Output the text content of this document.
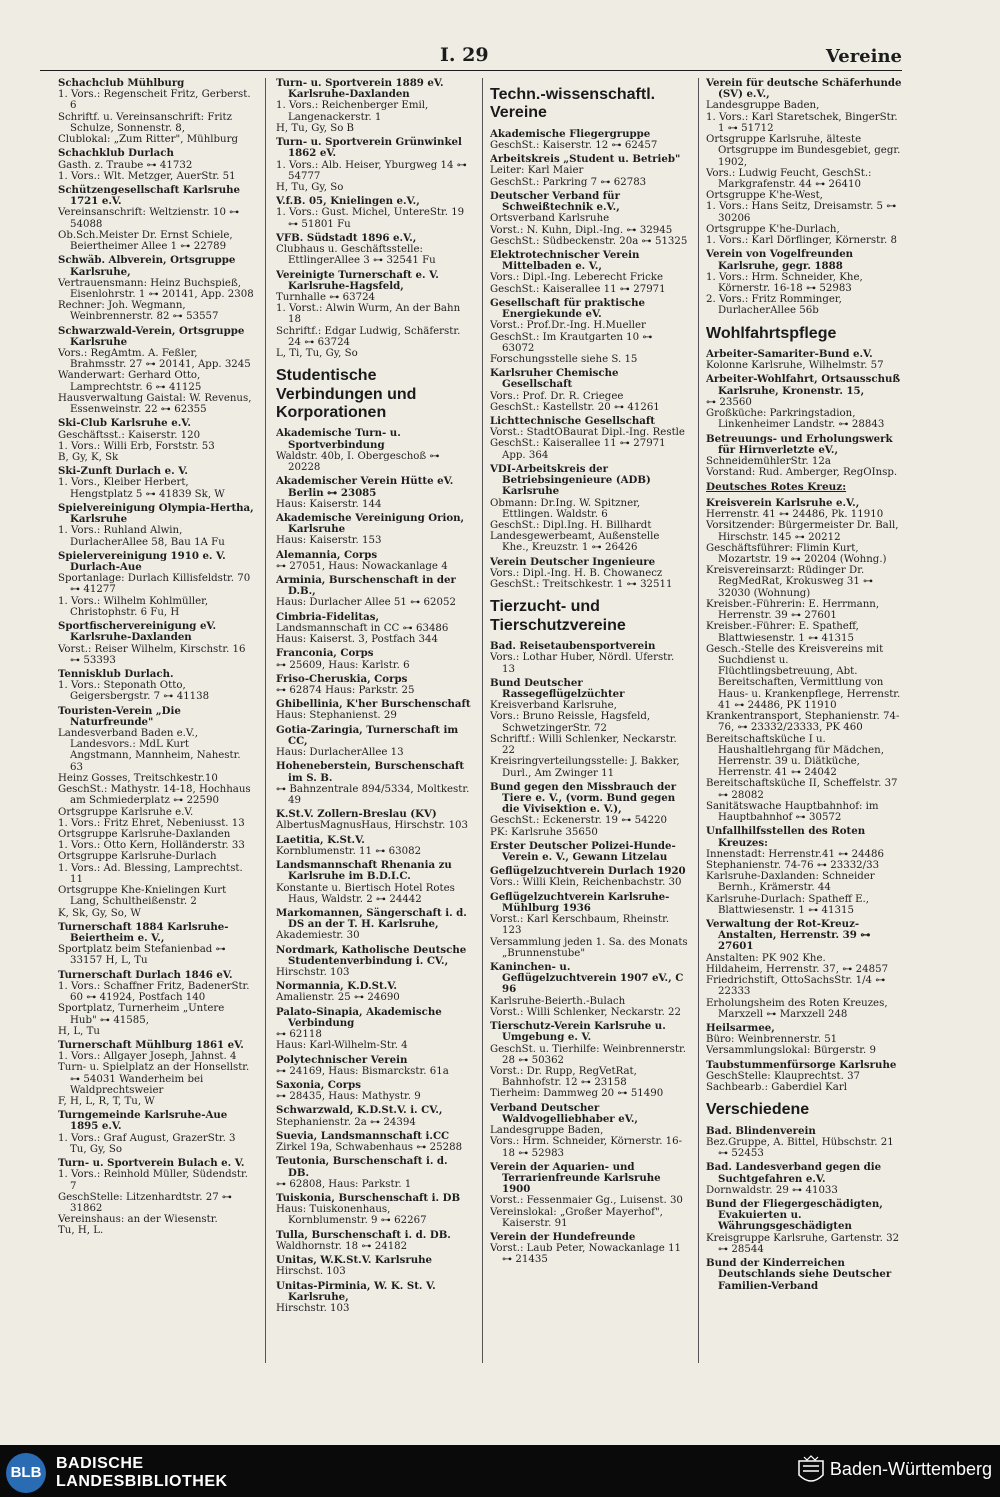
I. 29	Vereine

Schachclub Mühlburg

1. Vors.: Regenscheit Fritz, Gerberst. 6

Schriftf. u. Vereinsanschrift: Fritz Schulze, Sonnenstr. 8,

Clublokal: „Zum Ritter", Mühlburg

Schachklub Durlach

Gasth. z. Traube ⊶ 41732

1. Vors.: Wlt. Metzger, AuerStr. 51

Schützengesellschaft Karlsruhe 1721 e.V.

Vereinsanschrift: Weltzienstr. 10 ⊶ 54088

Ob.Sch.Meister Dr. Ernst Schiele, Beiertheimer Allee 1 ⊶ 22789

Schwäb. Albverein, Ortsgruppe Karlsruhe,

Vertrauensmann: Heinz Buchspieß, Eisenlohrstr. 1 ⊶ 20141, App. 2308

Rechner: Joh. Wegmann, Weinbrennerstr. 82 ⊶ 53557

Schwarzwald-Verein, Ortsgruppe Karlsruhe

Vors.: RegAmtm. A. Feßler, Brahmsstr. 27 ⊶ 20141, App. 3245

Wanderwart: Gerhard Otto, Lamprechtstr. 6 ⊶ 41125

Hausverwaltung Gaistal: W. Revenus, Essenweinstr. 22 ⊶ 62355

Ski-Club Karlsruhe e.V.

Geschäftsst.: Kaiserstr. 120

1. Vors.: Willi Erb, Forststr. 53

B, Gy, K, Sk

Ski-Zunft Durlach e. V.

1. Vors., Kleiber Herbert, Hengstplatz 5 ⊶ 41839 Sk, W

Spielvereinigung Olympia-Hertha, Karlsruhe

1. Vors.: Ruhland Alwin, DurlacherAllee 58, Bau 1A Fu

Spielervereinigung 1910 e. V. Durlach-Aue

Sportanlage: Durlach Killisfeldstr. 70 ⊶ 41277

1. Vors.: Wilhelm Kohlmüller, Christophstr. 6 Fu, H

Sportfischervereinigung eV. Karlsruhe-Daxlanden

Vorst.: Reiser Wilhelm, Kirschstr. 16 ⊶ 53393

Tennisklub Durlach.

1. Vors.: Steponath Otto, Geigersbergstr. 7 ⊶ 41138

Touristen-Verein „Die Naturfreunde"

Landesverband Baden e.V., Landesvors.: MdL Kurt Angstmann, Mannheim, Nahestr. 63

Heinz Gosses, Treitschkestr.10

GeschSt.: Mathystr. 14-18, Hochhaus am Schmiederplatz ⊶ 22590

Ortsgruppe Karlsruhe e.V.

1. Vors.: Fritz Ehret, Nebeniusst. 13

Ortsgruppe Karlsruhe-Daxlanden

1. Vors.: Otto Kern, Holländerstr. 33

Ortsgruppe Karlsruhe-Durlach

1. Vors.: Ad. Blessing, Lamprechtst. 11

Ortsgruppe Khe-Knielingen Kurt Lang, Schultheißenstr. 2

K, Sk, Gy, So, W

Turnerschaft 1884 Karlsruhe-Beiertheim e. V.,

Sportplatz beim Stefanienbad ⊶ 33157 H, L, Tu

Turnerschaft Durlach 1846 eV.

1. Vors.: Schaffner Fritz, BadenerStr. 60 ⊶ 41924, Postfach 140

Sportplatz, Turnerheim „Untere Hub" ⊶ 41585,

H, L, Tu

Turnerschaft Mühlburg 1861 eV.

1. Vors.: Allgayer Joseph, Jahnst. 4

Turn- u. Spielplatz an der Honsellstr. ⊶ 54031 Wanderheim bei Waldprechtsweier

F, H, L, R, T, Tu, W

Turngemeinde Karlsruhe-Aue 1895 e.V.

1. Vors.: Graf August, GrazerStr. 3 Tu, Gy, So

Turn- u. Sportverein Bulach e. V.

1. Vors.: Reinhold Müller, Südendstr. 7

GeschStelle: Litzenhardtstr. 27 ⊶ 31862

Vereinshaus: an der Wiesenstr.

Tu, H, L.

Turn- u. Sportverein 1889 eV. Karlsruhe-Daxlanden

1. Vors.: Reichenberger Emil, Langenackerstr. 1

H, Tu, Gy, So B

Turn- u. Sportverein Grünwinkel 1862 eV.

1. Vors.: Alb. Heiser, Yburgweg 14 ⊶ 54777

H, Tu, Gy, So

V.f.B. 05, Knielingen e.V.,

1. Vors.: Gust. Michel, UntereStr. 19 ⊶ 51801 Fu

VFB. Südstadt 1896 e.V.,

Clubhaus u. Geschäftsstelle: EttlingerAllee 3 ⊶ 32541 Fu

Vereinigte Turnerschaft e. V. Karlsruhe-Hagsfeld,

Turnhalle ⊶ 63724

1. Vorst.: Alwin Wurm, An der Bahn 18

Schriftf.: Edgar Ludwig, Schäferstr. 24 ⊶ 63724

L, Ti, Tu, Gy, So

Studentische Verbindungen und Korporationen

Akademische Turn- u. Sportverbindung

Waldstr. 40b, I. Obergeschoß ⊶ 20228

Akademischer Verein Hütte eV. Berlin ⊶ 23085

Haus: Kaiserstr. 144

Akademische Vereinigung Orion, Karlsruhe

Haus: Kaiserstr. 153

Alemannia, Corps

⊶ 27051, Haus: Nowackanlage 4

Arminia, Burschenschaft in der D.B.,

Haus: Durlacher Allee 51 ⊶ 62052

Cimbria-Fidelitas,

Landsmannschaft in CC ⊶ 63486

Haus: Kaiserst. 3, Postfach 344

Franconia, Corps

⊶ 25609, Haus: Karlstr. 6

Friso-Cheruskia, Corps

⊶ 62874 Haus: Parkstr. 25

Ghibellinia, K'her Burschenschaft

Haus: Stephanienst. 29

Gotia-Zaringia, Turnerschaft im CC,

Haus: DurlacherAllee 13

Hoheneberstein, Burschenschaft im S. B.

⊶ Bahnzentrale 894/5334, Moltkestr. 49

K.St.V. Zollern-Breslau (KV)

AlbertusMagnusHaus, Hirschstr. 103

Laetitia, K.St.V.

Kornblumenstr. 11 ⊶ 63082

Landsmannschaft Rhenania zu Karlsruhe im B.D.I.C.

Konstante u. Biertisch Hotel Rotes Haus, Waldstr. 2 ⊶ 24442

Markomannen, Sängerschaft i. d. DS an der T. H. Karlsruhe,

Akademiestr. 30

Nordmark, Katholische Deutsche Studentenverbindung i. CV.,

Hirschstr. 103

Normannia, K.D.St.V.

Amalienstr. 25 ⊶ 24690

Palato-Sinapia, Akademische Verbindung

⊶ 62118

Haus: Karl-Wilhelm-Str. 4

Polytechnischer Verein

⊶ 24169, Haus: Bismarckstr. 61a

Saxonia, Corps

⊶ 28435, Haus: Mathystr. 9

Schwarzwald, K.D.St.V. i. CV.,

Stephanienstr. 2a ⊶ 24394

Suevia, Landsmannschaft i.CC

Zirkel 19a, Schwabenhaus ⊶ 25288

Teutonia, Burschenschaft i. d. DB.

⊶ 62808, Haus: Parkstr. 1

Tuiskonia, Burschenschaft i. DB

Haus: Tuiskonenhaus, Kornblumenstr. 9 ⊶ 62267

Tulla, Burschenschaft i. d. DB.

Waldhornstr. 18 ⊶ 24182

Unitas, W.K.St.V. Karlsruhe

Hirschst. 103

Unitas-Pirminia, W. K. St. V. Karlsruhe,

Hirschstr. 103

Techn.-wissenschaftl. Vereine

Akademische Fliegergruppe

GeschSt.: Kaiserstr. 12 ⊶ 62457

Arbeitskreis „Student u. Betrieb"

Leiter: Karl Maier

GeschSt.: Parkring 7 ⊶ 62783

Deutscher Verband für Schweißtechnik e.V.,

Ortsverband Karlsruhe

Vorst.: N. Kuhn, Dipl.-Ing. ⊶ 32945

GeschSt.: Südbeckenstr. 20a ⊶ 51325

Elektrotechnischer Verein Mittelbaden e. V.,

Vors.: Dipl.-Ing. Leberecht Fricke

GeschSt.: Kaiserallee 11 ⊶ 27971

Gesellschaft für praktische Energiekunde eV.

Vorst.: Prof.Dr.-Ing. H.Mueller

GeschSt.: Im Krautgarten 10 ⊶ 63072

Forschungsstelle siehe S. 15

Karlsruher Chemische Gesellschaft

Vors.: Prof. Dr. R. Criegee

GeschSt.: Kastellstr. 20 ⊶ 41261

Lichttechnische Gesellschaft

Vorst.: StadtOBaurat Dipl.-Ing. Restle

GeschSt.: Kaiserallee 11 ⊶ 27971 App. 364

VDI-Arbeitskreis der Betriebsingenieure (ADB) Karlsruhe

Obmann: Dr.Ing. W. Spitzner, Ettlingen. Waldstr. 6

GeschSt.: Dipl.Ing. H. Billhardt

Landesgewerbeamt, Außenstelle Khe., Kreuzstr. 1 ⊶ 26426

Verein Deutscher Ingenieure

Vors.: Dipl.-Ing. H. B. Chowanecz

GeschSt.: Treitschkestr. 1 ⊶ 32511

Tierzucht- und Tierschutzvereine

Bad. Reisetaubensportverein

Vors.: Lothar Huber, Nördl. Uferstr. 13

Bund Deutscher Rassegeflügelzüchter

Kreisverband Karlsruhe,

Vors.: Bruno Reissle, Hagsfeld, SchwetzingerStr. 72

Schriftf.: Willi Schlenker, Neckarstr. 22

Kreisringverteilungsstelle: J. Bakker, Durl., Am Zwinger 11

Bund gegen den Missbrauch der Tiere e. V., (vorm. Bund gegen die Vivisektion e. V.),

GeschSt.: Eckenerstr. 19 ⊶ 54220

PK: Karlsruhe 35650

Erster Deutscher Polizei-Hunde-Verein e. V., Gewann Litzelau

Geflügelzuchtverein Durlach 1920

Vors.: Willi Klein, Reichenbachstr. 30

Geflügelzuchtverein Karlsruhe-Mühlburg 1936

Vorst.: Karl Kerschbaum, Rheinstr. 123

Versammlung jeden 1. Sa. des Monats „Brunnenstube"

Kaninchen- u. Geflügelzuchtverein 1907 eV., C 96

Karlsruhe-Beierth.-Bulach

Vorst.: Willi Schlenker, Neckarstr. 22

Tierschutz-Verein Karlsruhe u. Umgebung e. V.

GeschSt. u. Tierhilfe: Weinbrennerstr. 28 ⊶ 50362

Vorst.: Dr. Rupp, RegVetRat, Bahnhofstr. 12 ⊶ 23158

Tierheim: Dammweg 20 ⊶ 51490

Verband Deutscher Waldvogelliebhaber eV.,

Landesgruppe Baden,

Vors.: Hrm. Schneider, Körnerstr. 16-18 ⊶ 52983

Verein der Aquarien- und Terrarienfreunde Karlsruhe 1900

Vorst.: Fessenmaier Gg., Luisenst. 30

Vereinslokal: „Großer Mayerhof", Kaiserstr. 91

Verein der Hundefreunde

Vorst.: Laub Peter, Nowackanlage 11 ⊶ 21435

Verein für deutsche Schäferhunde (SV) e.V.,

Landesgruppe Baden,

1. Vors.: Karl Staretschek, BingerStr. 1 ⊶ 51712

Ortsgruppe Karlsruhe, älteste Ortsgruppe im Bundesgebiet, gegr. 1902,

Vors.: Ludwig Feucht, GeschSt.: Markgrafenstr. 44 ⊶ 26410

Ortsgruppe K'he-West,

1. Vors.: Hans Seitz, Dreisamstr. 5 ⊶ 30206

Ortsgruppe K'he-Durlach,

1. Vors.: Karl Dörflinger, Körnerstr. 8

Verein von Vogelfreunden Karlsruhe, gegr. 1888

1. Vors.: Hrm. Schneider, Khe, Körnerstr. 16-18 ⊶ 52983

2. Vors.: Fritz Romminger, DurlacherAllee 56b

Wohlfahrtspflege

Arbeiter-Samariter-Bund e.V.

Kolonne Karlsruhe, Wilhelmstr. 57

Arbeiter-Wohlfahrt, Ortsausschuß Karlsruhe, Kronenstr. 15,

⊶ 23560

Großküche: Parkringstadion, Linkenheimer Landstr. ⊶ 28843

Betreuungs- und Erholungswerk für Hirnverletzte eV.,

SchneidemühlerStr. 12a

Vorstand: Rud. Amberger, RegOInsp.

Deutsches Rotes Kreuz:

Kreisverein Karlsruhe e.V.,

Herrenstr. 41 ⊶ 24486, Pk. 11910

Vorsitzender: Bürgermeister Dr. Ball, Hirschstr. 145 ⊶ 20212

Geschäftsführer: Flimin Kurt, Mozartstr. 19 ⊶ 20204 (Wohng.)

Kreisvereinsarzt: Rüdinger Dr. RegMedRat, Krokusweg 31 ⊶ 32030 (Wohnung)

Kreisber.-Führerin: E. Herrmann, Herrenstr. 39 ⊶ 27601

Kreisber.-Führer: E. Spatheff, Blattwiesenstr. 1 ⊶ 41315

Gesch.-Stelle des Kreisvereins mit Suchdienst u. Flüchtlingsbetreuung, Abt. Bereitschaften, Vermittlung von Haus- u. Krankenpflege, Herrenstr. 41 ⊶ 24486, PK 11910

Krankentransport, Stephanienstr. 74-76, ⊶ 23332/23333, PK 460

Bereitschaftsküche I u. Haushaltlehrgang für Mädchen, Herrenstr. 39 u. Diätküche, Herrenstr. 41 ⊶ 24042

Bereitschaftsküche II, Scheffelstr. 37 ⊶ 28082

Sanitätswache Hauptbahnhof: im Hauptbahnhof ⊶ 30572

Unfallhilfsstellen des Roten Kreuzes:

Innenstadt: Herrenstr.41 ⊶ 24486

Stephanienstr. 74-76 ⊶ 23332/33

Karlsruhe-Daxlanden: Schneider Bernh., Krämerstr. 44

Karlsruhe-Durlach: Spatheff E., Blattwiesenstr. 1 ⊶ 41315

Verwaltung der Rot-Kreuz-Anstalten, Herrenstr. 39 ⊶ 27601

Anstalten: PK 902 Khe.

Hildaheim, Herrenstr. 37, ⊶ 24857

Friedrichstift, OttoSachsStr. 1/4 ⊶ 22333

Erholungsheim des Roten Kreuzes, Marxzell ⊶ Marxzell 248

Heilsarmee,

Büro: Weinbrennerstr. 51

Versammlungslokal: Bürgerstr. 9

Taubstummenfürsorge Karlsruhe

GeschStelle: Klauprechtst. 37

Sachbearb.: Gaberdiel Karl

Verschiedene

Bad. Blindenverein

Bez.Gruppe, A. Bittel, Hübschstr. 21 ⊶ 52453

Bad. Landesverband gegen die Suchtgefahren e.V.

Dornwaldstr. 29 ⊶ 41033

Bund der Fliegergeschädigten, Evakuierten u. Währungsgeschädigten

Kreisgruppe Karlsruhe, Gartenstr. 32 ⊶ 28544

Bund der Kinderreichen Deutschlands siehe Deutscher Familien-Verband

BLB
BADISCHE
LANDESBIBLIOTHEK
Baden-Württemberg
